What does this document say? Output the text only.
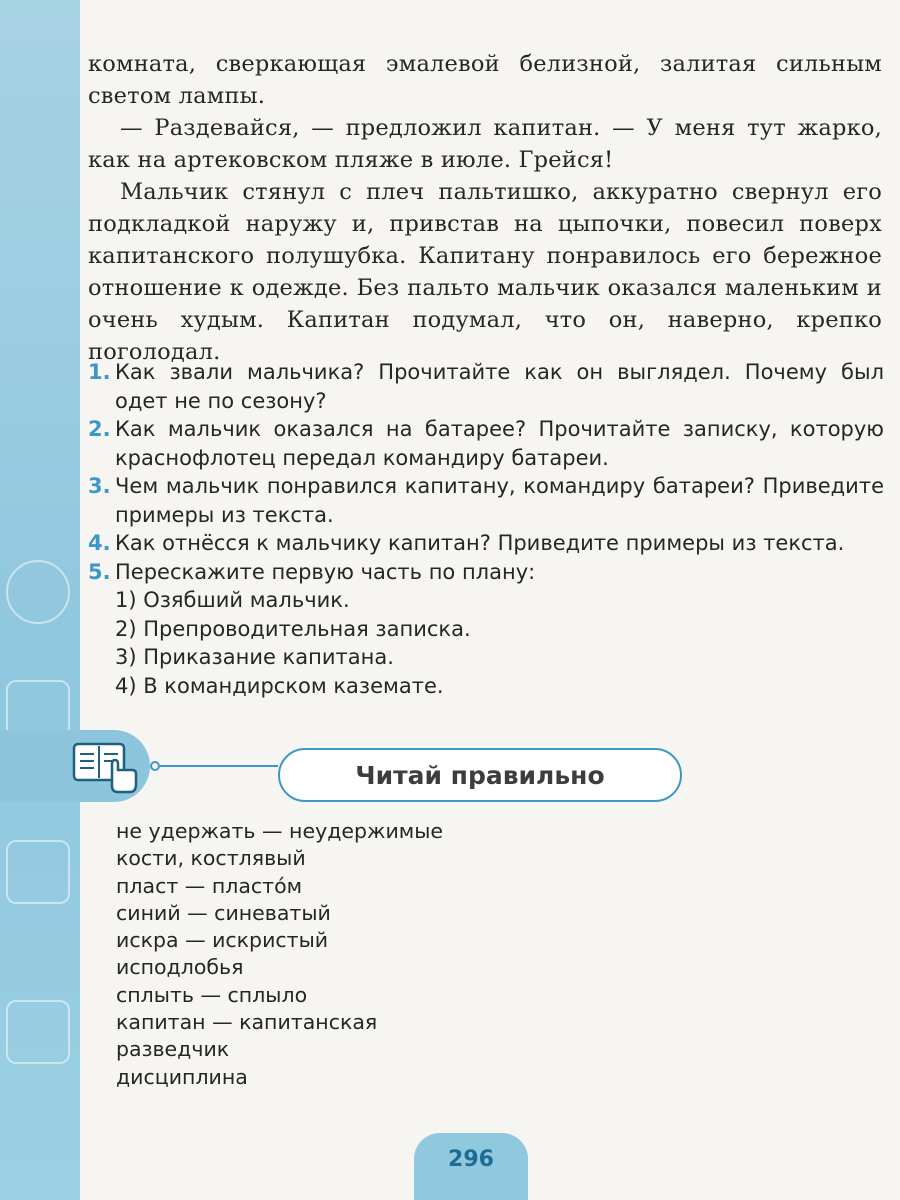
комната, сверкающая эмалевой белизной, залитая сильным светом лампы.

— Раздевайся, — предложил капитан. — У меня тут жарко, как на артековском пляже в июле. Грейся!

Мальчик стянул с плеч пальтишко, аккуратно свернул его подкладкой наружу и, привстав на цыпочки, повесил поверх капитанского полушубка. Капитану понравилось его бережное отношение к одежде. Без пальто мальчик оказался маленьким и очень худым. Капитан подумал, что он, наверно, крепко поголодал.

1. Как звали мальчика? Прочитайте как он выглядел. Почему был одет не по сезону?
2. Как мальчик оказался на батарее? Прочитайте записку, которую краснофлотец передал командиру батареи.
3. Чем мальчик понравился капитану, командиру батареи? Приведите примеры из текста.
4. Как отнёсся к мальчику капитан? Приведите примеры из текста.
5. Перескажите первую часть по плану:
1) Озябший мальчик.
2) Препроводительная записка.
3) Приказание капитана.
4) В командирском каземате.
Читай правильно
не удержать — неудержимые
кости, костлявый
пласт — пласто́м
синий — синеватый
искра — искристый
исподлобья
сплыть — сплыло
капитан — капитанская
разведчик
дисциплина
296
